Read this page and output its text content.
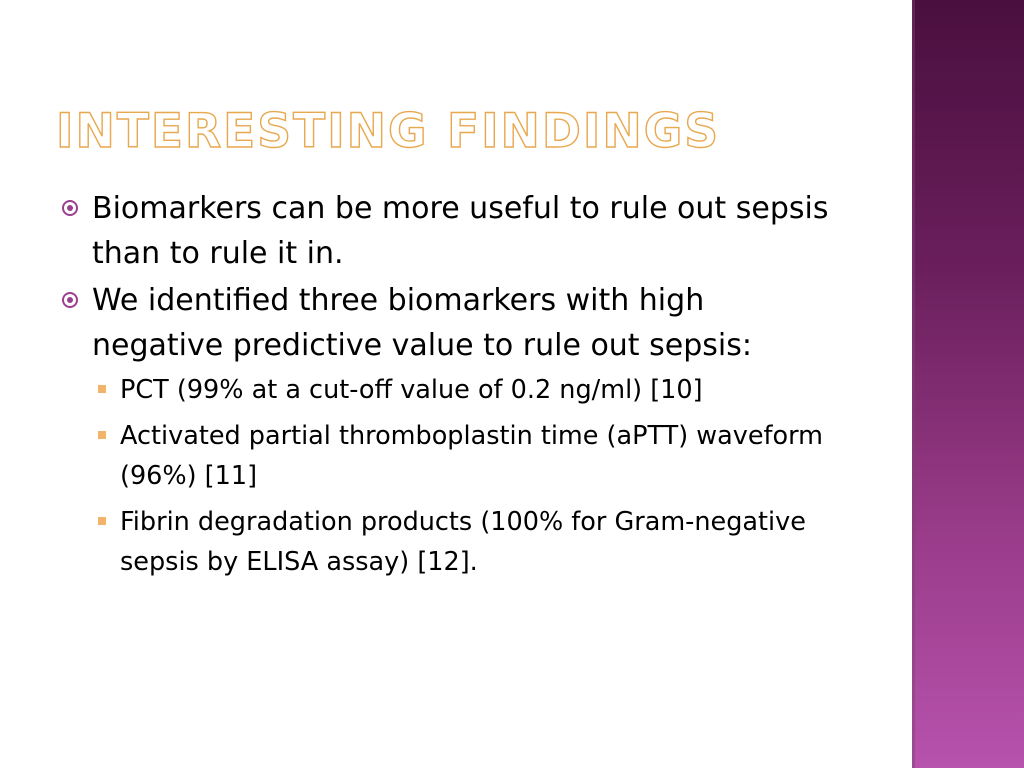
INTERESTING FINDINGS
Biomarkers can be more useful to rule out sepsis than to rule it in.
We identified three biomarkers with high negative predictive value to rule out sepsis:
PCT (99% at a cut-off value of 0.2 ng/ml) [10]
Activated partial thromboplastin time (aPTT) waveform (96%) [11]
Fibrin degradation products (100% for Gram-negative sepsis by ELISA assay) [12].
